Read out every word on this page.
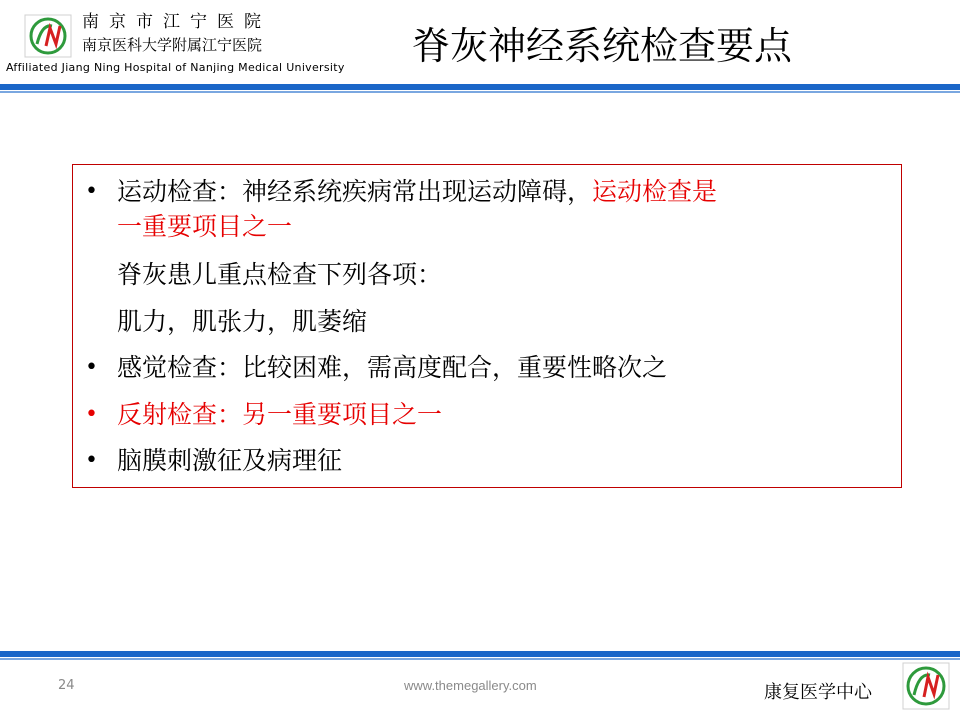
南京市江宁医院
南京医科大学附属江宁医院
Affiliated Jiang Ning Hospital of Nanjing Medical University 脊灰神经系统检查要点
• 运动检查：神经系统疾病常出现运动障碍，运动检查是
一重要项目之一
脊灰患儿重点检查下列各项：
肌力，肌张力，肌萎缩
• 感觉检查：比较困难，需高度配合，重要性略次之
• 反射检查：另一重要项目之一
• 脑膜刺激征及病理征
24	www.themegallery.com	康复医学中心
